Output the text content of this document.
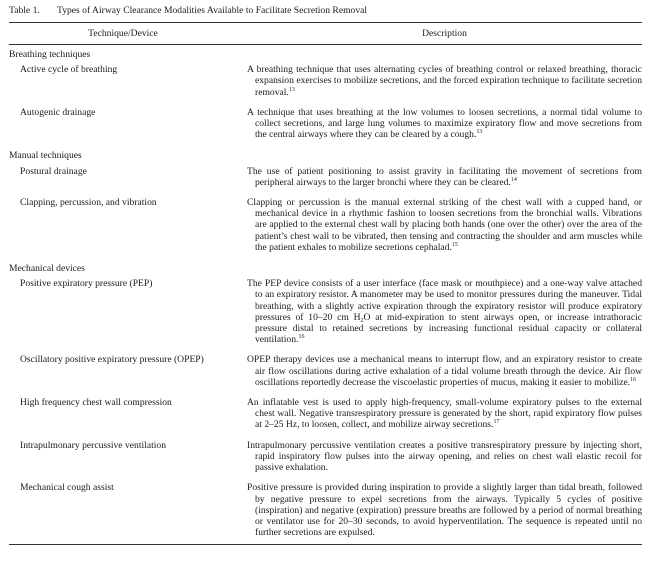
Table 1. Types of Airway Clearance Modalities Available to Facilitate Secretion Removal
Technique/Device	Description
Breathing techniques	
Active cycle of breathing	A breathing technique that uses alternating cycles of breathing control or relaxed breathing, thoracic expansion exercises to mobilize secretions, and the forced expiration technique to facilitate secretion removal.$^{13}$

Autogenic drainage	A technique that uses breathing at the low volumes to loosen secretions, a normal tidal volume to collect secretions, and large lung volumes to maximize expiratory flow and move secretions from the central airways where they can be cleared by a cough.$^{13}$

Manual techniques	
Postural drainage	The use of patient positioning to assist gravity in facilitating the movement of secretions from peripheral airways to the larger bronchi where they can be cleared.$^{14}$

Clapping, percussion, and vibration	Clapping or percussion is the manual external striking of the chest wall with a cupped hand, or mechanical device in a rhythmic fashion to loosen secretions from the bronchial walls. Vibrations are applied to the external chest wall by placing both hands (one over the other) over the area of the patient’s chest wall to be vibrated, then tensing and contracting the shoulder and arm muscles while the patient exhales to mobilize secretions cephalad.$^{15}$

Mechanical devices	
Positive expiratory pressure (PEP)	The PEP device consists of a user interface (face mask or mouthpiece) and a one-way valve attached to an expiratory resistor. A manometer may be used to monitor pressures during the maneuver. Tidal breathing, with a slightly active expiration through the expiratory resistor will produce expiratory pressures of 10–20 cm $H_2O$ at mid-expiration to stent airways open, or increase intrathoracic pressure distal to retained secretions by increasing functional residual capacity or collateral ventilation.$^{16}$

Oscillatory positive expiratory pressure (OPEP)	OPEP therapy devices use a mechanical means to interrupt flow, and an expiratory resistor to create air flow oscillations during active exhalation of a tidal volume breath through the device. Air flow oscillations reportedly decrease the viscoelastic properties of mucus, making it easier to mobilize.$^{16}$

High frequency chest wall compression	An inflatable vest is used to apply high-frequency, small-volume expiratory pulses to the external chest wall. Negative transrespiratory pressure is generated by the short, rapid expiratory flow pulses at 2–25 Hz, to loosen, collect, and mobilize airway secretions.$^{17}$

Intrapulmonary percussive ventilation	Intrapulmonary percussive ventilation creates a positive transrespiratory pressure by injecting short, rapid inspiratory flow pulses into the airway opening, and relies on chest wall elastic recoil for passive exhalation.

Mechanical cough assist	Positive pressure is provided during inspiration to provide a slightly larger than tidal breath, followed by negative pressure to expel secretions from the airways. Typically 5 cycles of positive (inspiration) and negative (expiration) pressure breaths are followed by a period of normal breathing or ventilator use for 20–30 seconds, to avoid hyperventilation. The sequence is repeated until no further secretions are expulsed.
